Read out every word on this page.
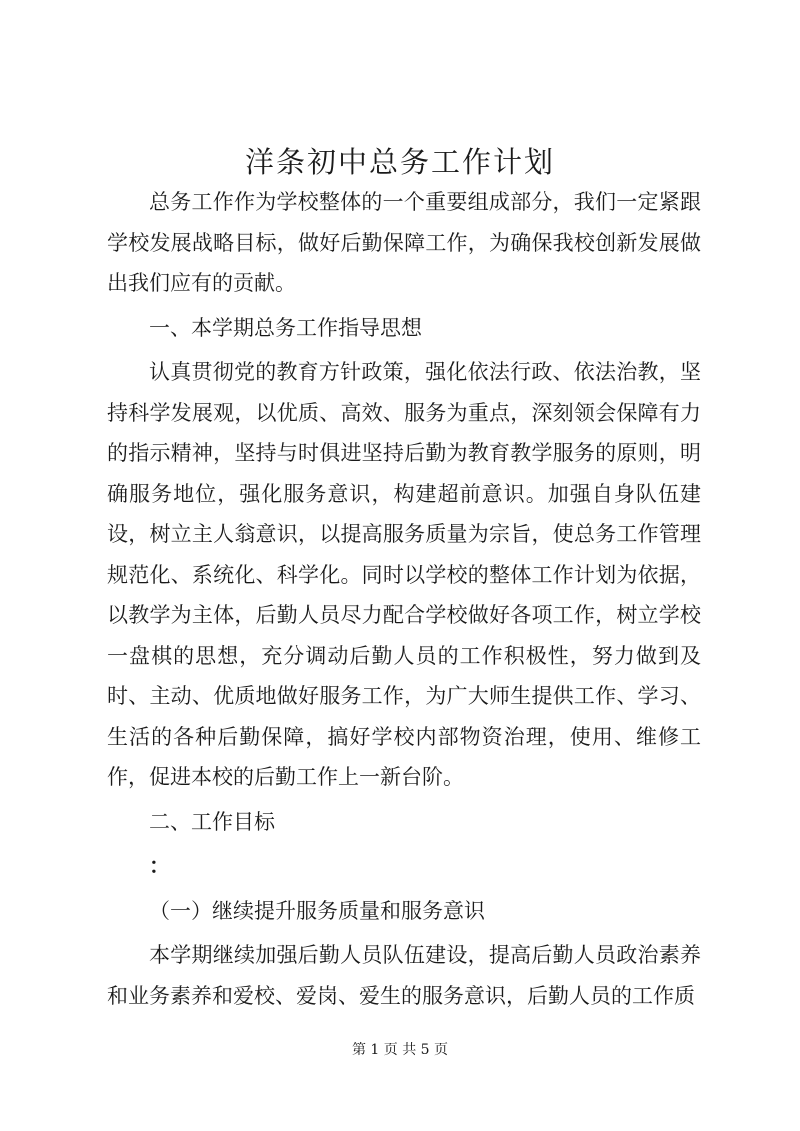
洋条初中总务工作计划

总务工作作为学校整体的一个重要组成部分，我们一定紧跟学校发展战略目标，做好后勤保障工作，为确保我校创新发展做出我们应有的贡献。

一、本学期总务工作指导思想

认真贯彻党的教育方针政策，强化依法行政、依法治教，坚持科学发展观，以优质、高效、服务为重点，深刻领会保障有力的指示精神，坚持与时俱进坚持后勤为教育教学服务的原则，明确服务地位，强化服务意识，构建超前意识。加强自身队伍建设，树立主人翁意识，以提高服务质量为宗旨，使总务工作管理规范化、系统化、科学化。同时以学校的整体工作计划为依据，以教学为主体，后勤人员尽力配合学校做好各项工作，树立学校一盘棋的思想，充分调动后勤人员的工作积极性，努力做到及时、主动、优质地做好服务工作，为广大师生提供工作、学习、生活的各种后勤保障，搞好学校内部物资治理，使用、维修工作，促进本校的后勤工作上一新台阶。

二、工作目标

：

（一）继续提升服务质量和服务意识

本学期继续加强后勤人员队伍建设，提高后勤人员政治素养和业务素养和爱校、爱岗、爱生的服务意识，后勤人员的工作质

第 1 页 共 5 页
